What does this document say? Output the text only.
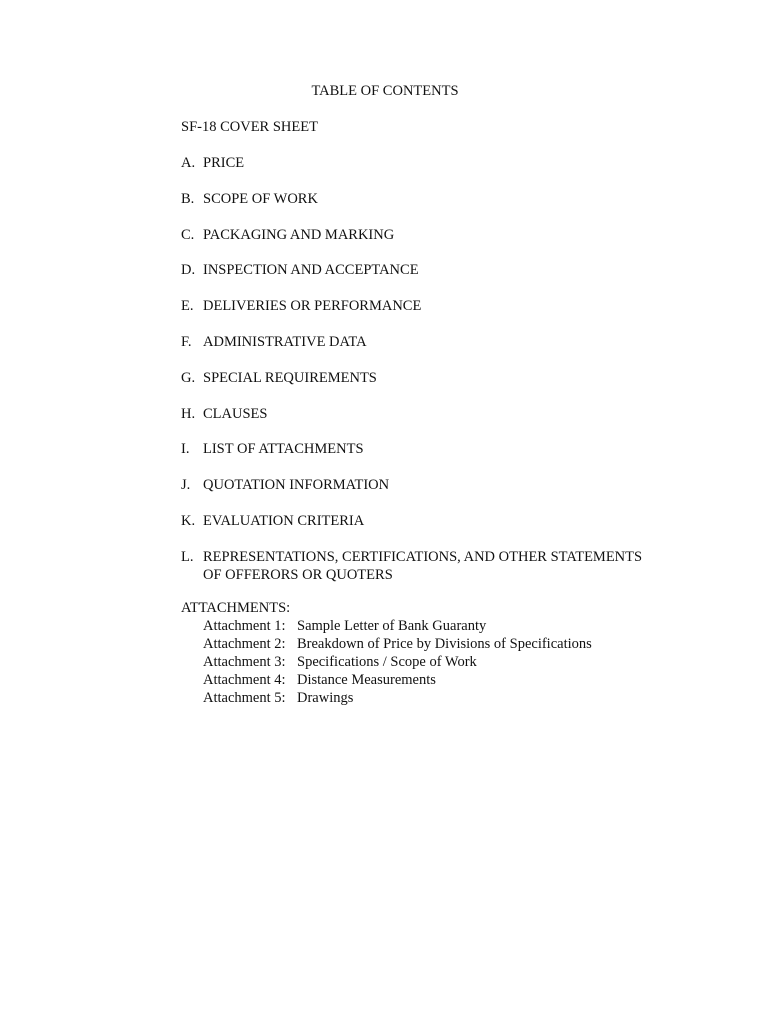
TABLE OF CONTENTS
SF-18 COVER SHEET
A. PRICE
B. SCOPE OF WORK
C. PACKAGING AND MARKING
D. INSPECTION AND ACCEPTANCE
E. DELIVERIES OR PERFORMANCE
F. ADMINISTRATIVE DATA
G. SPECIAL REQUIREMENTS
H. CLAUSES
I. LIST OF ATTACHMENTS
J. QUOTATION INFORMATION
K. EVALUATION CRITERIA
L. REPRESENTATIONS, CERTIFICATIONS, AND OTHER STATEMENTS
OF OFFERORS OR QUOTERS
ATTACHMENTS:
Attachment 1: Sample Letter of Bank Guaranty
Attachment 2: Breakdown of Price by Divisions of Specifications
Attachment 3: Specifications / Scope of Work
Attachment 4: Distance Measurements
Attachment 5: Drawings
